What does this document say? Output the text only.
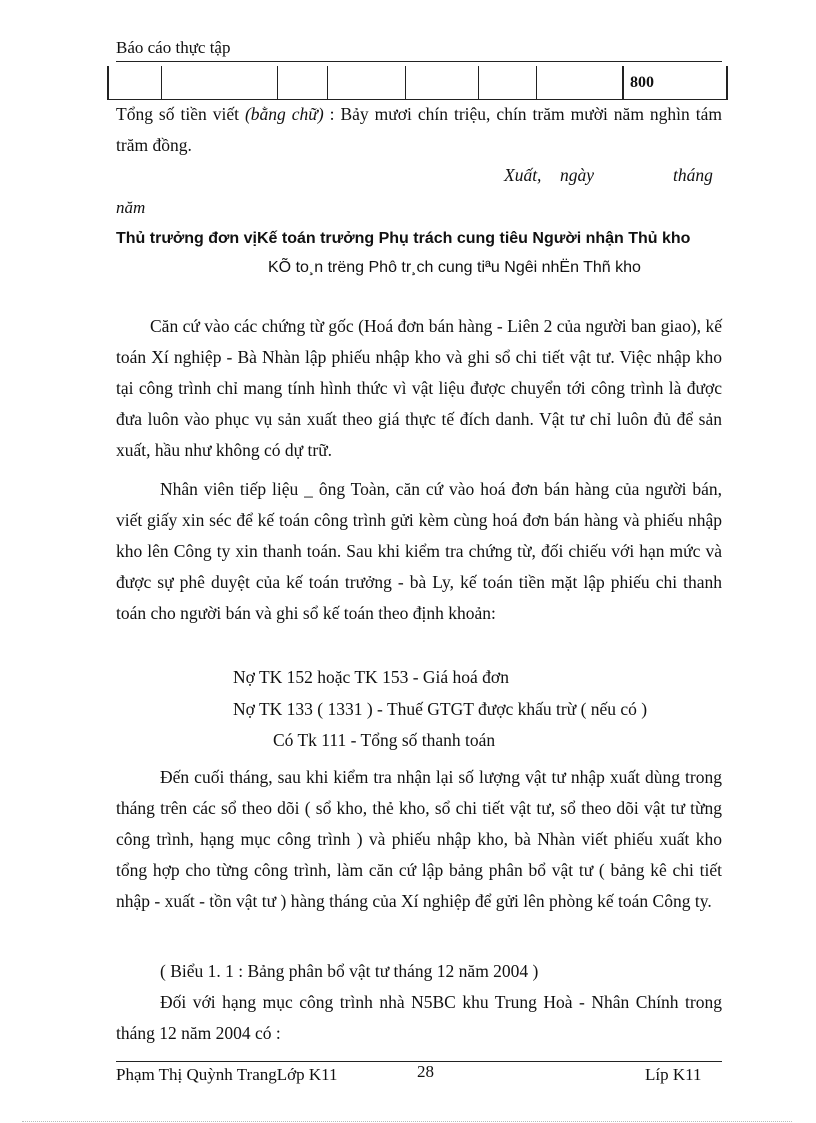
Báo cáo thực tập
								800
Tổng số tiền viết (bằng chữ) : Bảy mươi chín triệu, chín trăm mười năm nghìn tám trăm đồng.
Xuất, ngày	tháng
năm
Thủ trưởng đơn vịKế toán trưởng Phụ trách cung tiêu Người nhận Thủ kho
KÕ to¸n trëng Phô tr¸ch cung tiªu Ngêi nhËn Thñ kho
Căn cứ vào các chứng từ gốc (Hoá đơn bán hàng - Liên 2 của người ban giao), kế toán Xí nghiệp - Bà Nhàn lập phiếu nhập kho và ghi sổ chi tiết vật tư. Việc nhập kho tại công trình chỉ mang tính hình thức vì vật liệu được chuyển tới công trình là được đưa luôn vào phục vụ sản xuất theo giá thực tế đích danh. Vật tư chỉ luôn đủ để sản xuất, hầu như không có dự trữ.
Nhân viên tiếp liệu _ ông Toàn, căn cứ vào hoá đơn bán hàng của người bán, viết giấy xin séc để kế toán công trình gửi kèm cùng hoá đơn bán hàng và phiếu nhập kho lên Công ty xin thanh toán. Sau khi kiểm tra chứng từ, đối chiếu với hạn mức và được sự phê duyệt của kế toán trưởng - bà Ly, kế toán tiền mặt lập phiếu chi thanh toán cho người bán và ghi sổ kế toán theo định khoản:
Nợ TK 152 hoặc TK 153 - Giá hoá đơn
Nợ TK 133 ( 1331 ) - Thuế GTGT được khấu trừ ( nếu có )
Có Tk 111 - Tổng số thanh toán
Đến cuối tháng, sau khi kiểm tra nhận lại số lượng vật tư nhập xuất dùng trong tháng trên các sổ theo dõi ( sổ kho, thẻ kho, sổ chi tiết vật tư, sổ theo dõi vật tư từng công trình, hạng mục công trình ) và phiếu nhập kho, bà Nhàn viết phiếu xuất kho tổng hợp cho từng công trình, làm căn cứ lập bảng phân bổ vật tư ( bảng kê chi tiết nhập - xuất - tồn vật tư ) hàng tháng của Xí nghiệp để gửi lên phòng kế toán Công ty.
( Biểu 1. 1 : Bảng phân bổ vật tư tháng 12 năm 2004 )
Đối với hạng mục công trình nhà N5BC khu Trung Hoà - Nhân Chính trong tháng 12 năm 2004 có :
Phạm Thị Quỳnh TrangLớp K11	28	Líp K11
